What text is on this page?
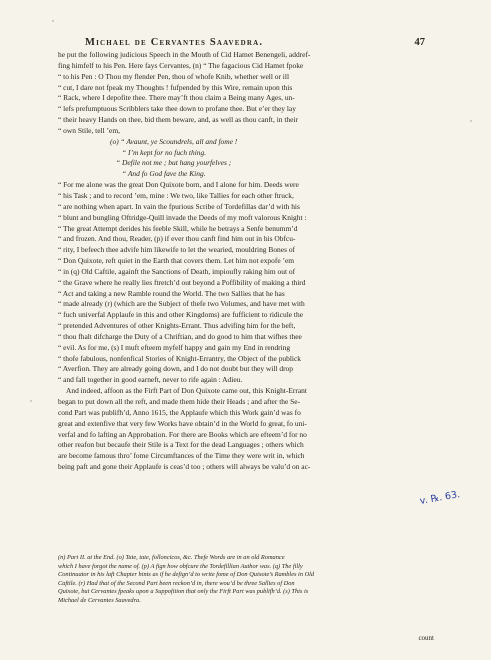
Michael de Cervantes Saavedra.	47

he put the following judicious Speech in the Mouth of Cid Hamet Benengeli, addref-
fing himfelf to his Pen. Here fays Cervantes, (n) “ The fagacious Cid Hamet fpoke
“ to his Pen : O Thou my flender Pen, thou of whofe Knib, whether well or ill
“ cut, I dare not fpeak my Thoughts ! fufpended by this Wire, remain upon this
“ Rack, where I depofite thee. There may’ft thou claim a Being many Ages, un-
“ lefs prefumptuous Scribblers take thee down to profane thee. But e’er they lay
“ their heavy Hands on thee, bid them beware, and, as well as thou canft, in their
“ own Stile, tell ’em,

(o) “ Avaunt, ye Scoundrels, all and fome !
“ I’m kept for no fuch thing.
“ Defile not me ; but hang yourfelves ;
“ And fo God fave the King.

“ For me alone was the great Don Quixote born, and I alone for him. Deeds were
“ his Task ; and to record ’em, mine : We two, like Tallies for each other ftruck,
“ are nothing when apart. In vain the fpurious Scribe of Tordefillas dar’d with his
“ blunt and bungling Oftridge-Quill invade the Deeds of my moft valorous Knight :
“ The great Attempt derides his feeble Skill, while he betrays a Senfe benumm’d
“ and frozen. And thou, Reader, (p) if ever thou canft find him out in his Obfcu-
“ rity, I befeech thee advife him likewife to let the wearied, mouldring Bones of
“ Don Quixote, reft quiet in the Earth that covers them. Let him not expofe ’em
“ in (q) Old Caftile, againft the Sanctions of Death, impioufly raking him out of
“ the Grave where he really lies ftretch’d out beyond a Poffibility of making a third
“ Act and taking a new Ramble round the World. The two Sallies that he has
“ made already (r) (which are the Subject of thefe two Volumes, and have met with
“ fuch univerfal Applaufe in this and other Kingdoms) are fufficient to ridicule the
“ pretended Adventures of other Knights-Errant. Thus advifing him for the beft,
“ thou fhalt difcharge the Duty of a Chriftian, and do good to him that wifhes thee
“ evil. As for me, (s) I muft efteem myfelf happy and gain my End in rendring
“ thofe fabulous, nonfenfical Stories of Knight-Errantry, the Object of the publick
“ Averfion. They are already going down, and I do not doubt but they will drop
“ and fall together in good earneft, never to rife again : Adieu.

And indeed, affoon as the Firft Part of Don Quixote came out, this Knight-Errant
began to put down all the reft, and made them hide their Heads ; and after the Se-
cond Part was publifh’d, Anno 1615, the Applaufe which this Work gain’d was fo
great and extenfive that very few Works have obtain’d in the World fo great, fo uni-
verfal and fo lafting an Approbation. For there are Books which are efteem’d for no
other reafon but becaufe their Stile is a Text for the dead Languages ; others which
are become famous thro’ fome Circumftances of the Time they were writ in, which
being paft and gone their Applaufe is ceas’d too ; others will always be valu’d on ac-

v. ℞. 63.
(n) Part II. at the End. (o) Tate, tate, folloncicos, &c. Thefe Words are in an old Romance
which I have forgot the name of. (p) A fign how obfcure the Tordefillian Author was. (q) The filly
Continuator in his laft Chapter hints as if he defign’d to write fome of Don Quixote’s Rambles in Old
Caftile. (r) Had that of the Second Part been reckon’d in, there wou’d be three Sallies of Don
Quixote, but Cervantes fpeaks upon a Suppofition that only the Firft Part was publifh’d. (s) This is
Michael de Cervantes Saavedra.
count
